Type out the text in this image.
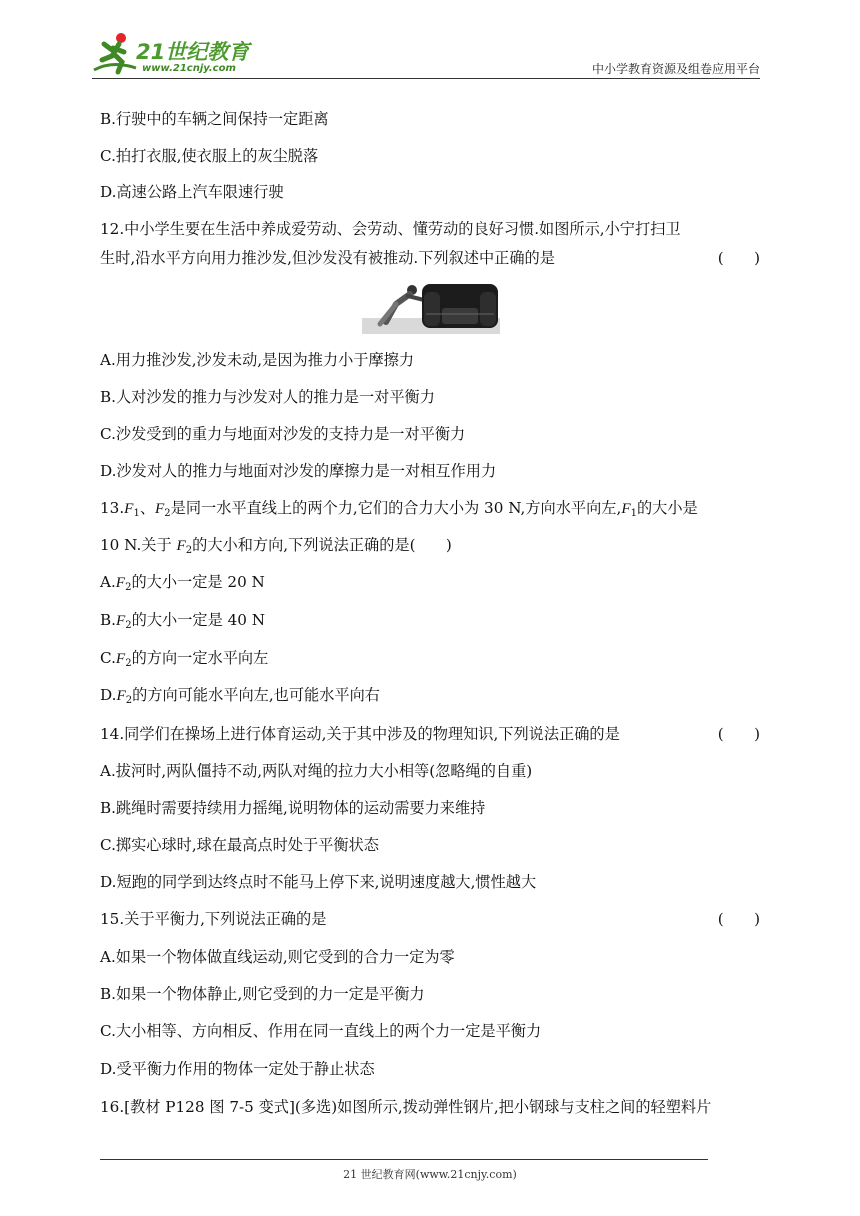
21世纪教育
www.21cnjy.com	中小学教育资源及组卷应用平台
B.行驶中的车辆之间保持一定距离
C.拍打衣服,使衣服上的灰尘脱落
D.高速公路上汽车限速行驶
12.中小学生要在生活中养成爱劳动、会劳动、懂劳动的良好习惯.如图所示,小宁打扫卫
生时,沿水平方向用力推沙发,但沙发没有被推动.下列叙述中正确的是	(　　)
A.用力推沙发,沙发未动,是因为推力小于摩擦力
B.人对沙发的推力与沙发对人的推力是一对平衡力
C.沙发受到的重力与地面对沙发的支持力是一对平衡力
D.沙发对人的推力与地面对沙发的摩擦力是一对相互作用力
$13.F_1$、$F_2$是同一水平直线上的两个力,它们的合力大小为 30 N,方向水平向左$,F_1$的大小是
10 N.关于 $F_2$的大小和方向,下列说法正确的是(　　)
$A.F_2$的大小一定是 20 N
$B.F_2$的大小一定是 40 N
$C.F_2$的方向一定水平向左
$D.F_2$的方向可能水平向左,也可能水平向右
14.同学们在操场上进行体育运动,关于其中涉及的物理知识,下列说法正确的是	(　　)
A.拔河时,两队僵持不动,两队对绳的拉力大小相等(忽略绳的自重)
B.跳绳时需要持续用力摇绳,说明物体的运动需要力来维持
C.掷实心球时,球在最高点时处于平衡状态
D.短跑的同学到达终点时不能马上停下来,说明速度越大,惯性越大
15.关于平衡力,下列说法正确的是	(　　)
A.如果一个物体做直线运动,则它受到的合力一定为零
B.如果一个物体静止,则它受到的力一定是平衡力
C.大小相等、方向相反、作用在同一直线上的两个力一定是平衡力
D.受平衡力作用的物体一定处于静止状态
16.[教材 P128 图 7-5 变式](多选)如图所示,拨动弹性钢片,把小钢球与支柱之间的轻塑料片
21 世纪教育网(www.21cnjy.com)
